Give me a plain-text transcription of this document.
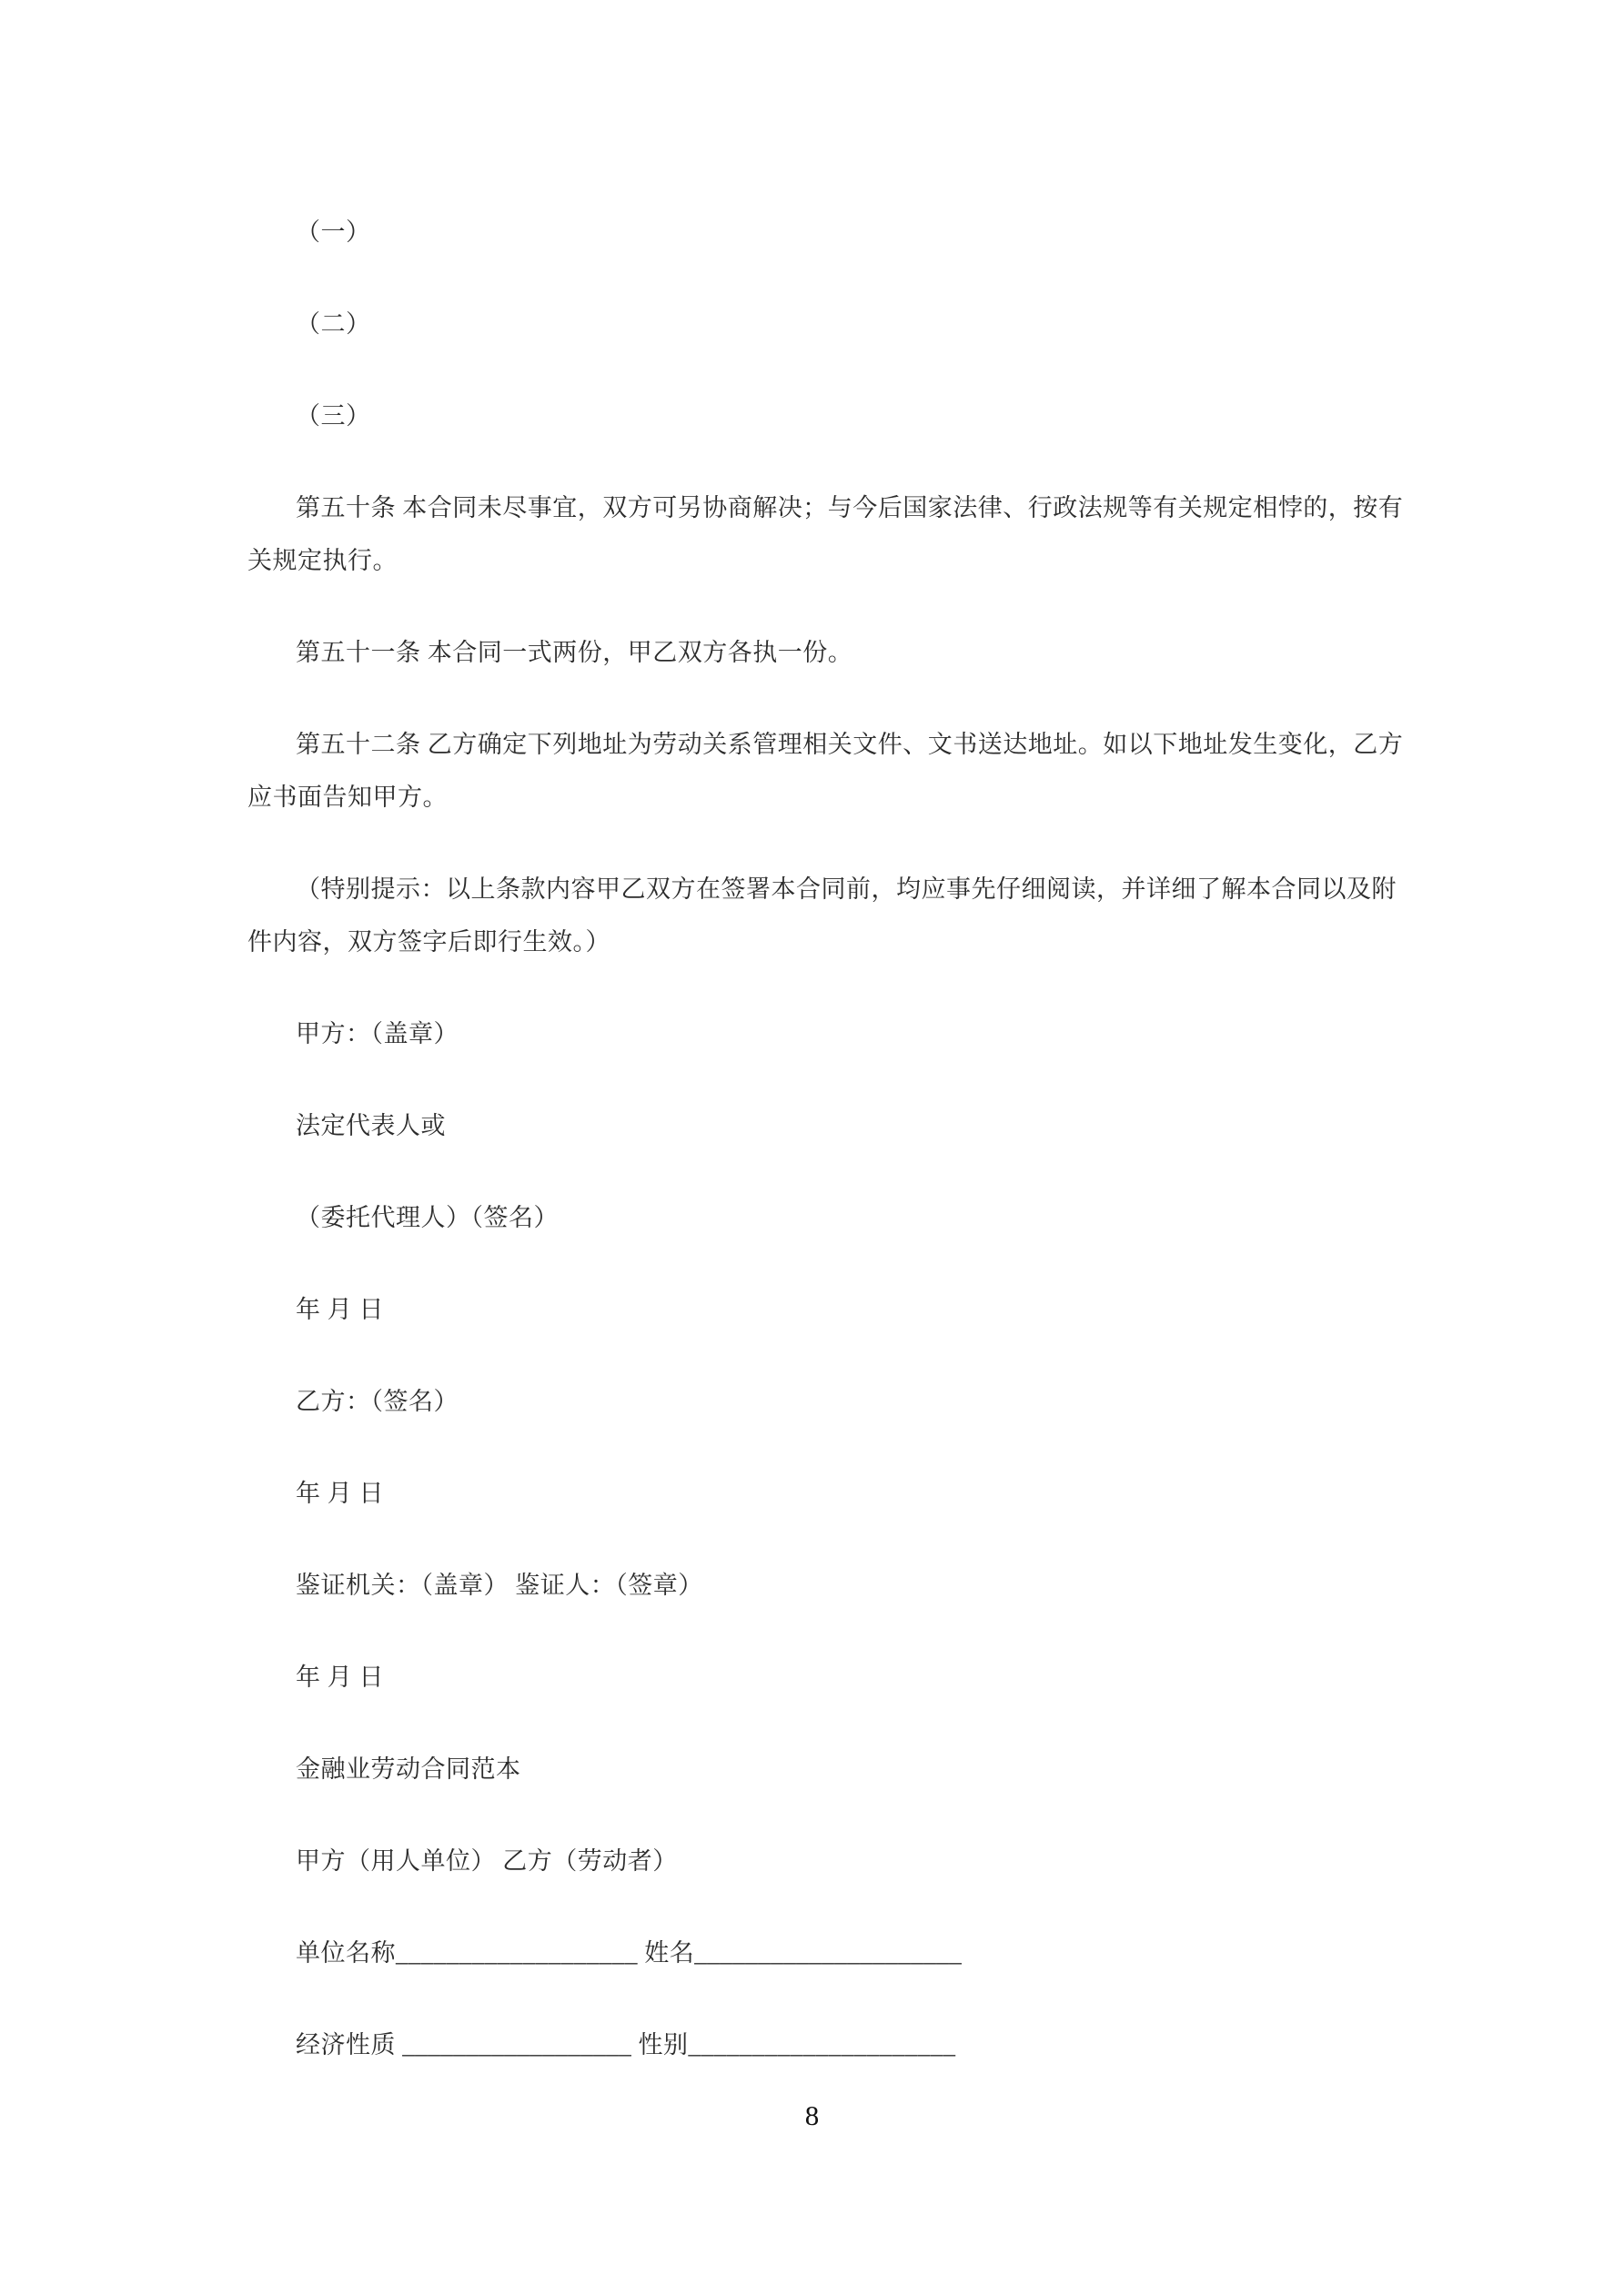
（一）
（二）
（三）
第五十条 本合同未尽事宜，双方可另协商解决；与今后国家法律、行政法规等有关规定相悖的，按有
关规定执行。
第五十一条 本合同一式两份，甲乙双方各执一份。
第五十二条 乙方确定下列地址为劳动关系管理相关文件、文书送达地址。如以下地址发生变化，乙方
应书面告知甲方。
（特别提示：以上条款内容甲乙双方在签署本合同前，均应事先仔细阅读，并详细了解本合同以及附
件内容，双方签字后即行生效。）
甲方：（盖章）
法定代表人或
（委托代理人）（签名）
年 月 日
乙方：（签名）
年 月 日
鉴证机关：（盖章） 鉴证人：（签章）
年 月 日
金融业劳动合同范本
甲方（用人单位） 乙方（劳动者）
单位名称___________________ 姓名_____________________
经济性质 __________________ 性别_____________________
8
